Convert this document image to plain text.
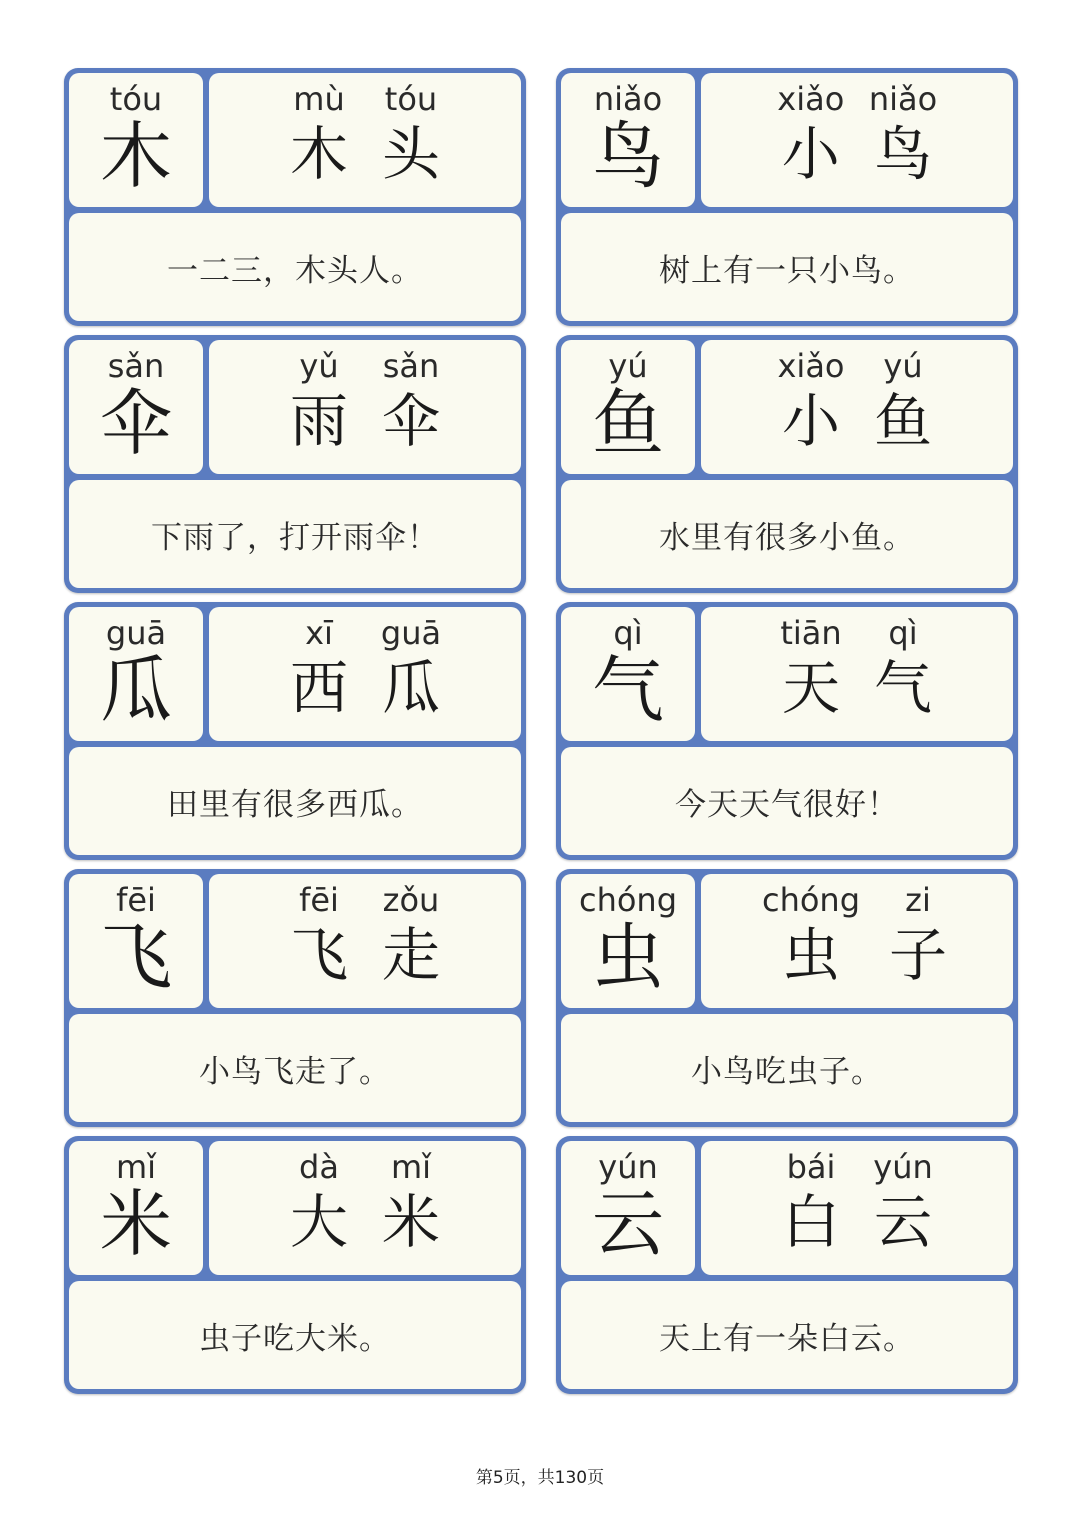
tóu
木
mù
木
tóu
头
一二三，木头人。
niǎo
鸟
xiǎo
小
niǎo
鸟
树上有一只小鸟。
sǎn
伞
yǔ
雨
sǎn
伞
下雨了，打开雨伞！
yú
鱼
xiǎo
小
yú
鱼
水里有很多小鱼。
guā
瓜
xī
西
guā
瓜
田里有很多西瓜。
qì
气
tiān
天
qì
气
今天天气很好！
fēi
飞
fēi
飞
zǒu
走
小鸟飞走了。
chóng
虫
chóng
虫
zi
子
小鸟吃虫子。
mǐ
米
dà
大
mǐ
米
虫子吃大米。
yún
云
bái
白
yún
云
天上有一朵白云。
第5页，共130页
